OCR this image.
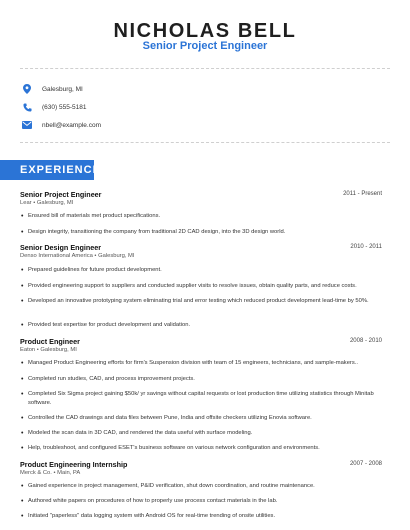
NICHOLAS BELL
Senior Project Engineer
Galesburg, MI
(630) 555-5181
nbell@example.com
EXPERIENCE
Senior Project Engineer	2011 - Present
Lear • Galesburg, MI
• Ensured bill of materials met product specifications.
• Design integrity, transitioning the company from traditional 2D CAD design, into the 3D design world.
Senior Design Engineer	2010 - 2011
Denso International America • Galesburg, MI
• Prepared guidelines for future product development.
• Provided engineering support to suppliers and conducted supplier visits to resolve issues, obtain quality parts, and reduce costs.
• Developed an innovative prototyping system eliminating trial and error testing which reduced product development lead-time by 50%.
• Provided test expertise for product development and validation.
Product Engineer	2008 - 2010
Eaton • Galesburg, MI
• Managed Product Engineering efforts for firm's Suspension division with team of 15 engineers, technicians, and sample-makers..
• Completed run studies, CAD, and process improvement projects.
• Completed Six Sigma project gaining $50k/ yr savings without capital requests or lost production time utilizing statistics through Minitab software.
• Controlled the CAD drawings and data files between Pune, India and offsite checkers utilizing Enovia software.
• Modeled the scan data in 3D CAD, and rendered the data useful with surface modeling.
• Help, troubleshoot, and configured ESET's business software on various network configuration and environments.
Product Engineering Internship	2007 - 2008
Merck & Co. • Main, PA
• Gained experience in project management, P&ID verification, shut down coordination, and routine maintenance.
• Authored white papers on procedures of how to properly use process contact materials in the lab.
• Initiated "paperless" data logging system with Android OS for real-time trending of onsite utilities.
